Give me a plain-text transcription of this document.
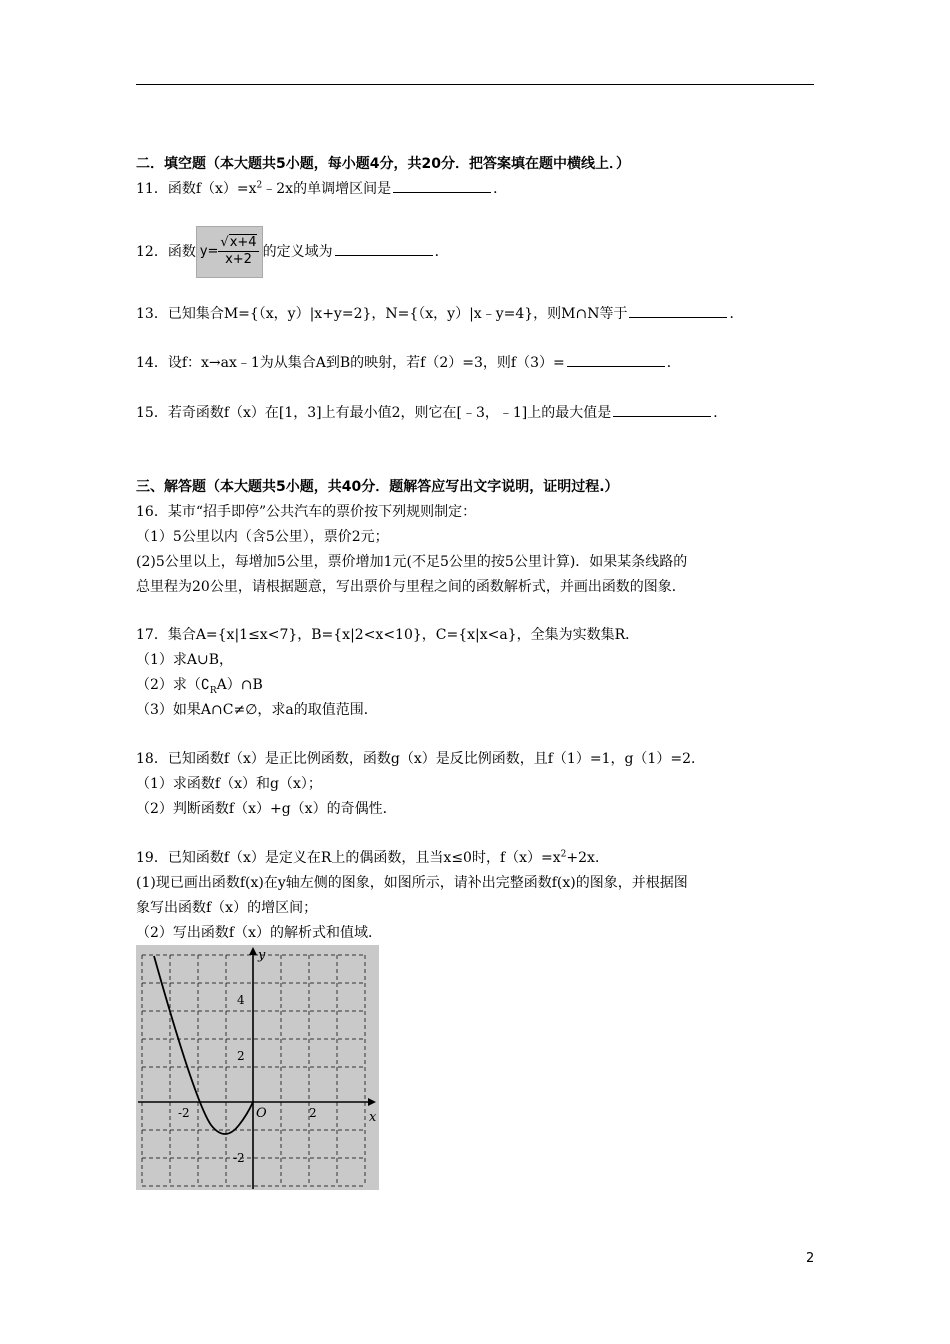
二．填空题（本大题共5小题，每小题4分，共20分．把答案填在题中横线上．）
11．函数$f(x)=x^2﹣2x$的单调增区间是	．
12．函数 $y= \frac{√x+4}{x+2}$ 的定义域为	．
13．已知集合M={（x，y）|x+y=2}，N={（x，y）|x﹣y=4}，则M∩N等于	．
14．设f：x→ax﹣1为从集合A到B的映射，若f（2）=3，则f（3）=	．
15．若奇函数f（x）在[1，3]上有最小值2，则它在[﹣3，﹣1]上的最大值是	．
三、解答题（本大题共5小题，共40分．题解答应写出文字说明，证明过程.）
16．某市“招手即停”公共汽车的票价按下列规则制定：
（1）5公里以内（含5公里），票价2元；
(2)5公里以上，每增加5公里，票价增加1元(不足5公里的按5公里计算)．如果某条线路的
总里程为20公里，请根据题意，写出票价与里程之间的函数解析式，并画出函数的图象．
17．集合A={x|1≤x<7}，B={x|2<x<10}，C={x|x<a}，全集为实数集R．
（1）求A∪B，
（2）求$(∁_RA)\cap B$
（3）如果A∩C≠∅，求a的取值范围．
18．已知函数f（x）是正比例函数，函数g（x）是反比例函数，且f（1）=1，g（1）=2．
（1）求函数f（x）和g（x）；
（2）判断函数f（x）+g（x）的奇偶性．
19．已知函数f（x）是定义在R上的偶函数，且当x≤0时，$f(x)=x^2+2x$．
(1)现已画出函数f(x)在y轴左侧的图象，如图所示，请补出完整函数f(x)的图象，并根据图
象写出函数f（x）的增区间；
（2）写出函数f（x）的解析式和值域．
y
x
O
4
2
-2
-2	2
2
